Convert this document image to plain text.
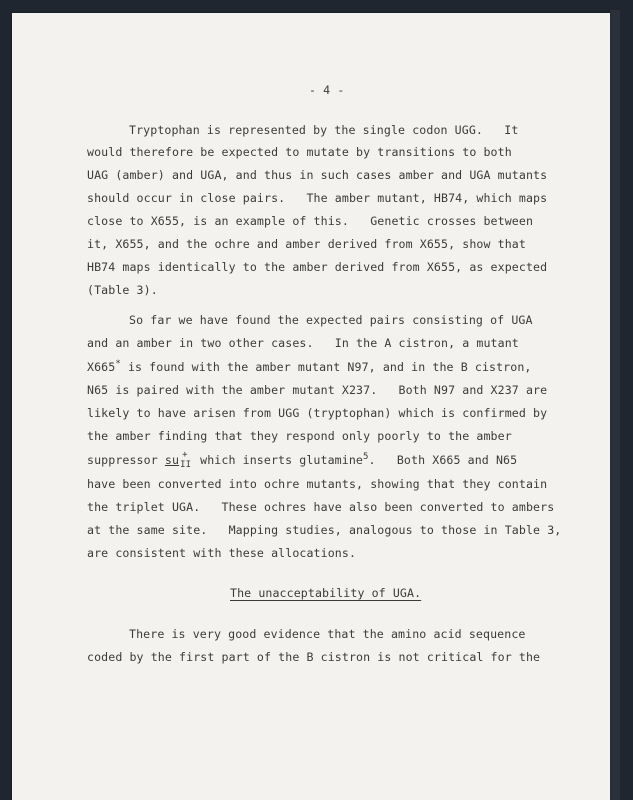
- 4 -
Tryptophan is represented by the single codon UGG.   It
would therefore be expected to mutate by transitions to both
UAG (amber) and UGA, and thus in such cases amber and UGA mutants
should occur in close pairs.   The amber mutant, HB74, which maps
close to X655, is an example of this.   Genetic crosses between
it, X655, and the ochre and amber derived from X655, show that
HB74 maps identically to the amber derived from X655, as expected
(Table 3).
So far we have found the expected pairs consisting of UGA
and an amber in two other cases.   In the A cistron, a mutant
X665* is found with the amber mutant N97, and in the B cistron,
N65 is paired with the amber mutant X237.   Both N97 and X237 are
likely to have arisen from UGG (tryptophan) which is confirmed by
the amber finding that they respond only poorly to the amber
suppressor su +
II which inserts glutamine$^5$.   Both X665 and N65
have been converted into ochre mutants, showing that they contain
the triplet UGA.   These ochres have also been converted to ambers
at the same site.   Mapping studies, analogous to those in Table 3,
are consistent with these allocations.
The unacceptability of UGA.
There is very good evidence that the amino acid sequence
coded by the first part of the B cistron is not critical for the
